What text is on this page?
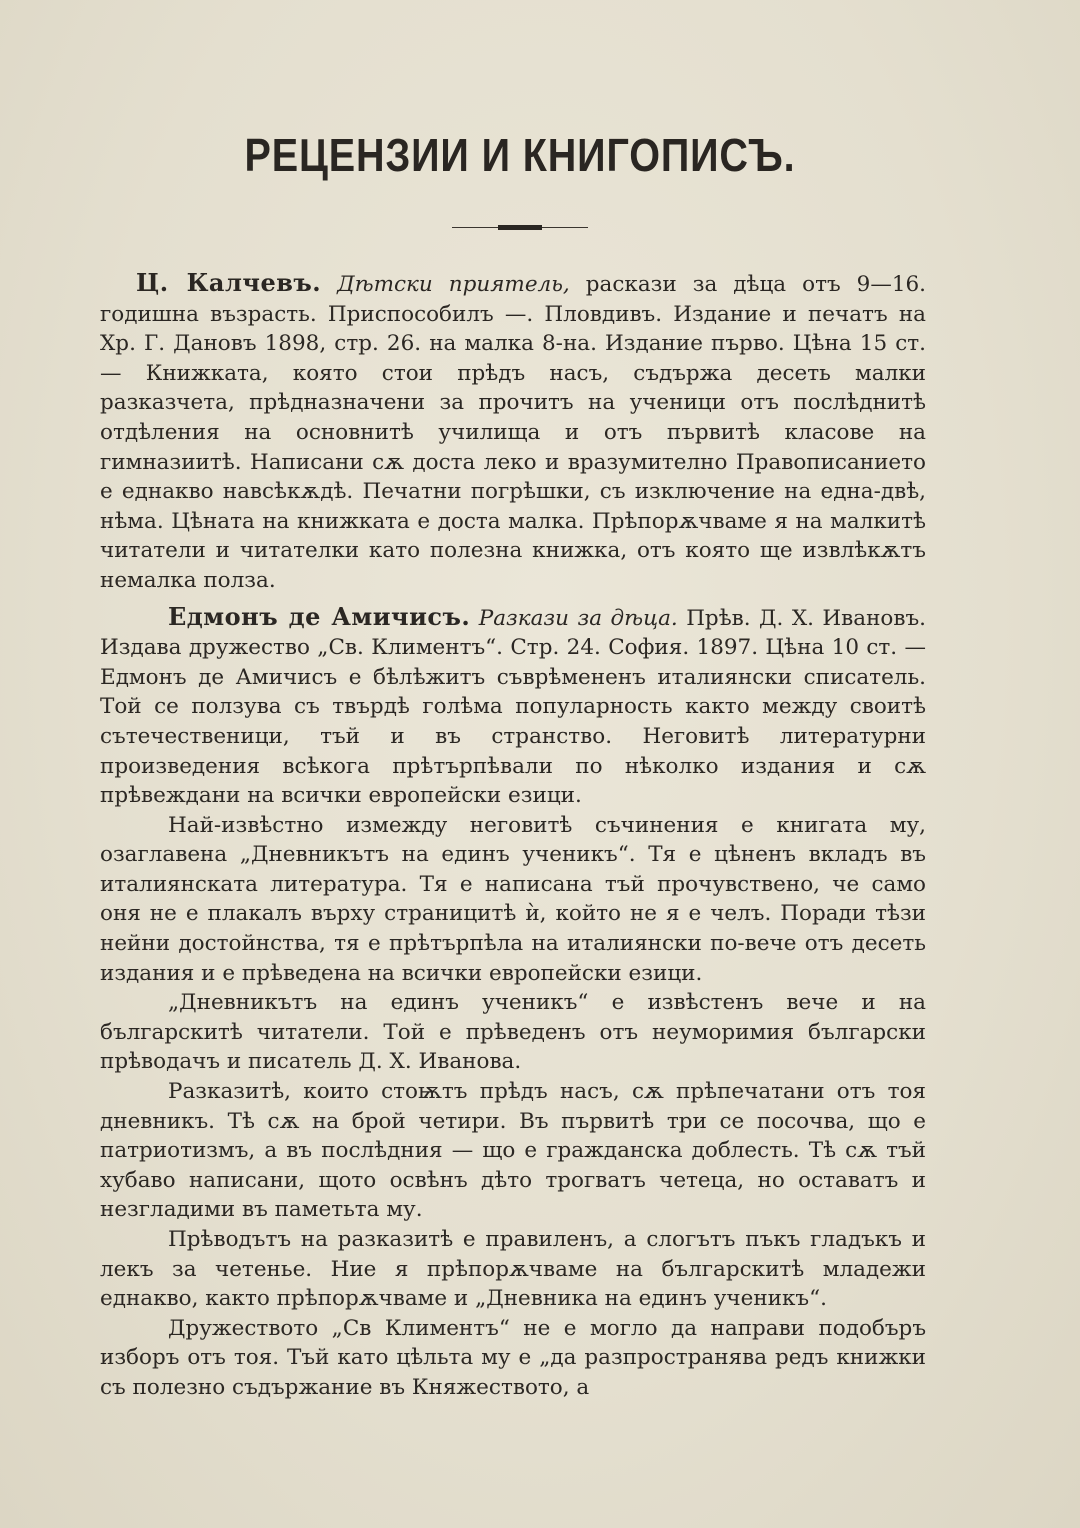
РЕЦЕНЗИИ И КНИГОПИСЪ.

Ц. Калчевъ. Дѣтски приятель, раскази за дѣца отъ 9—16. годишна възрасть. Приспособилъ —. Пловдивъ. Издание и печатъ на Хр. Г. Дановъ 1898, стр. 26. на малка 8-на. Издание първо. Цѣна 15 ст. — Книжката, която стои прѣдъ насъ, съдържа десеть малки разказчета, прѣдназначени за прочитъ на ученици отъ послѣднитѣ отдѣления на основнитѣ училища и отъ първитѣ класове на гимназиитѣ. Написани сѫ доста леко и вразумително Правописанието е еднакво навсѣкѫдѣ. Печатни погрѣшки, съ изключение на една-двѣ, нѣма. Цѣната на книжката е доста малка. Прѣпорѫчваме я на малкитѣ читатели и читателки като полезна книжка, отъ която ще извлѣкѫтъ немалка полза.

Едмонъ де Амичисъ. Разкази за дѣца. Прѣв. Д. Х. Ивановъ. Издава дружество „Св. Климентъ“. Стр. 24. София. 1897. Цѣна 10 ст. — Едмонъ де Амичисъ е бѣлѣжитъ съврѣмененъ италиянски списатель. Той се ползува съ твърдѣ голѣма популарность както между своитѣ сътечественици, тъй и въ странство. Неговитѣ литературни произведения всѣкога прѣтърпѣвали по нѣколко издания и сѫ прѣвеждани на всички европейски езици.

Най-извѣстно измежду неговитѣ съчинения е книгата му, озаглавена „Дневникътъ на единъ ученикъ“. Тя е цѣненъ вкладъ въ италиянската литература. Тя е написана тъй прочувствено, че само оня не е плакалъ върху страницитѣ ѝ, който не я е челъ. Поради тѣзи нейни достойнства, тя е прѣтърпѣла на италиянски по-вече отъ десеть издания и е прѣведена на всички европейски езици.

„Дневникътъ на единъ ученикъ“ е извѣстенъ вече и на българскитѣ читатели. Той е прѣведенъ отъ неуморимия български прѣводачъ и писатель Д. Х. Иванова.

Разказитѣ, които стоѭтъ прѣдъ насъ, сѫ прѣпечатани отъ тоя дневникъ. Тѣ сѫ на брой четири. Въ първитѣ три се посочва, що е патриотизмъ, а въ послѣдния — що е гражданска доблесть. Тѣ сѫ тъй хубаво написани, щото освѣнъ дѣто трогватъ четеца, но оставатъ и незгладими въ паметьта му.

Прѣводътъ на разказитѣ е правиленъ, а слогътъ пъкъ гладъкъ и лекъ за четенье. Ние я прѣпорѫчваме на българскитѣ младежи еднакво, както прѣпорѫчваме и „Дневника на единъ ученикъ“.

Дружеството „Св Климентъ“ не е могло да направи подобъръ изборъ отъ тоя. Тъй като цѣльта му е „да разпространява редъ книжки съ полезно съдържание въ Княжеството, а
